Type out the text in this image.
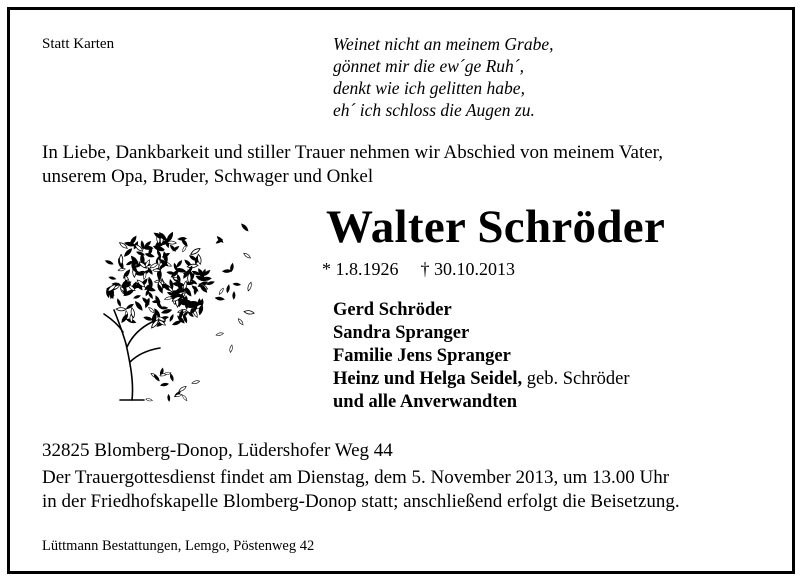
Statt Karten	Weinet nicht an meinem Grabe,
gönnet mir die ew´ge Ruh´,
denkt wie ich gelitten habe,
eh´ ich schloss die Augen zu.
In Liebe, Dankbarkeit und stiller Trauer nehmen wir Abschied von meinem Vater,
unserem Opa, Bruder, Schwager und Onkel
Walter Schröder
* 1.8.1926 † 30.10.2013
Gerd Schröder
Sandra Spranger
Familie Jens Spranger
Heinz und Helga Seidel, geb. Schröder
und alle Anverwandten
32825 Blomberg-Donop, Lüdershofer Weg 44
Der Trauergottesdienst findet am Dienstag, dem 5. November 2013, um 13.00 Uhr
in der Friedhofskapelle Blomberg-Donop statt; anschließend erfolgt die Beisetzung.
Lüttmann Bestattungen, Lemgo, Pöstenweg 42
